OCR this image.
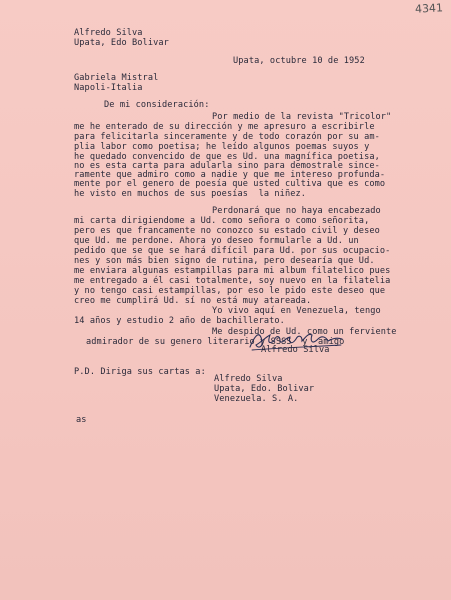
4341
Alfredo Silva
Upata, Edo Bolivar
Upata, octubre 10 de 1952
Gabriela Mistral
Napoli-Italia
De mi consideración:
Por medio de la revista "Tricolor"
me he enterado de su dirección y me apresuro a escribirle
para felicitarla sinceramente y de todo corazón por su am-
plia labor como poetisa; he leído algunos poemas suyos y
he quedado convencido de que es Ud. una magnífica poetisa,
no es esta carta para adularla sino para demostrale since-
ramente que admiro como a nadie y que me intereso profunda-
mente por el genero de poesía que usted cultiva que es como
he visto en muchos de sus poesías  la niñez.
Perdonará que no haya encabezado
mi carta dirigiendome a Ud. como señora o como señorita,
pero es que francamente no conozco su estado civil y deseo
que Ud. me perdone. Ahora yo deseo formularle a Ud. un
pedido que se que se hará difícil para Ud. por sus ocupacio-
nes y son más bien signo de rutina, pero desearía que Ud.
me enviara algunas estampillas para mi album filatelico pues
me entregado a él casi totalmente, soy nuevo en la filatelia
y no tengo casi estampillas, por eso le pido este deseo que
creo me cumplirá Ud. sí no está muy atareada.
Yo vivo aquí en Venezuela, tengo
14 años y estudio 2 año de bachillerato.
Me despido de Ud. como un ferviente
admirador de su genero literario y SSSS  y  amigo
Alfredo Silva
P.D. Diriga sus cartas a:
Alfredo Silva
Upata, Edo. Bolivar
Venezuela. S. A.
as
